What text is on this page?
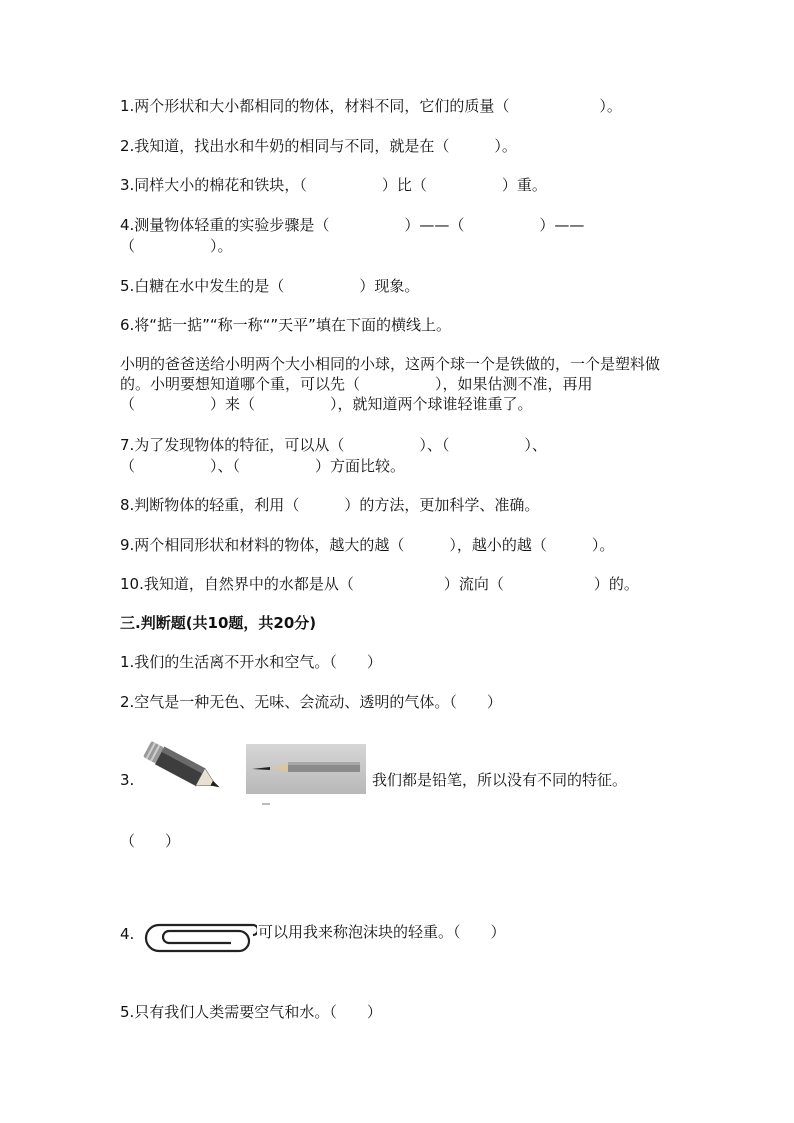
1.两个形状和大小都相同的物体，材料不同，它们的质量（　　　　　　）。
2.我知道，找出水和牛奶的相同与不同，就是在（　　　）。
3.同样大小的棉花和铁块，（　　　　　）比（　　　　　）重。
4.测量物体轻重的实验步骤是（　　　　　）——（　　　　　）——
（　　　　　）。
5.白糖在水中发生的是（　　　　　）现象。
6.将“掂一掂”“称一称“”天平”填在下面的横线上。
小明的爸爸送给小明两个大小相同的小球，这两个球一个是铁做的，一个是塑料做的。小明要想知道哪个重，可以先（　　　　　），如果估测不准，再用（　　　　　）来（　　　　　），就知道两个球谁轻谁重了。
7.为了发现物体的特征，可以从（　　　　　）、（　　　　　）、
（　　　　　）、（　　　　　）方面比较。
8.判断物体的轻重，利用（　　　）的方法，更加科学、准确。
9.两个相同形状和材料的物体，越大的越（　　　），越小的越（　　　）。
10.我知道，自然界中的水都是从（　　　　　　）流向（　　　　　　）的。
三.判断题(共10题，共20分)
1.我们的生活离不开水和空气。（　　）
2.空气是一种无色、无味、会流动、透明的气体。（　　）
3.	我们都是铅笔，所以没有不同的特征。
（　　）
4.	可以用我来称泡沫块的轻重。（　　）
5.只有我们人类需要空气和水。（　　）
